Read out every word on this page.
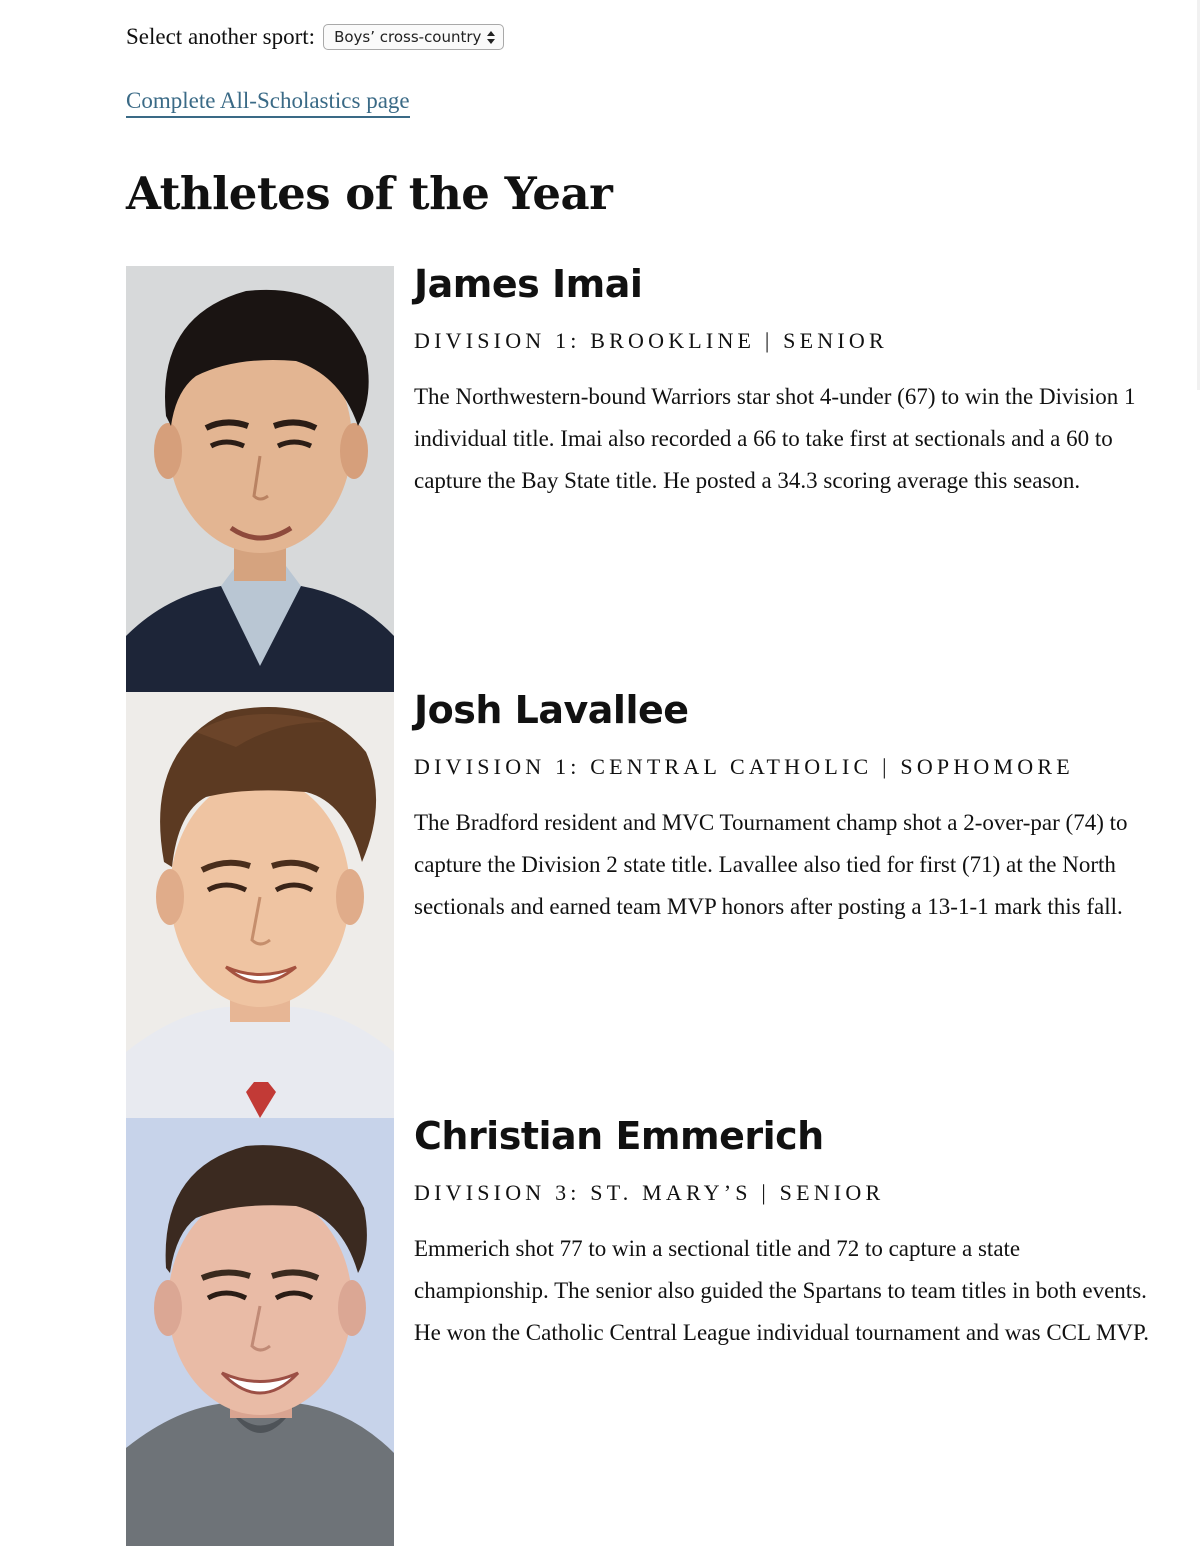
Select another sport: Boys’ cross-country
Complete All-Scholastics page
Athletes of the Year
James Imai
DIVISION 1: BROOKLINE | SENIOR
The Northwestern-bound Warriors star shot 4-under (67) to win the Division 1 individual title. Imai also recorded a 66 to take first at sectionals and a 60 to capture the Bay State title. He posted a 34.3 scoring average this season.
Josh Lavallee
DIVISION 1: CENTRAL CATHOLIC | SOPHOMORE
The Bradford resident and MVC Tournament champ shot a 2-over-par (74) to capture the Division 2 state title. Lavallee also tied for first (71) at the North sectionals and earned team MVP honors after posting a 13-1-1 mark this fall.
Christian Emmerich
DIVISION 3: ST. MARY’S | SENIOR
Emmerich shot 77 to win a sectional title and 72 to capture a state championship. The senior also guided the Spartans to team titles in both events. He won the Catholic Central League individual tournament and was CCL MVP.
